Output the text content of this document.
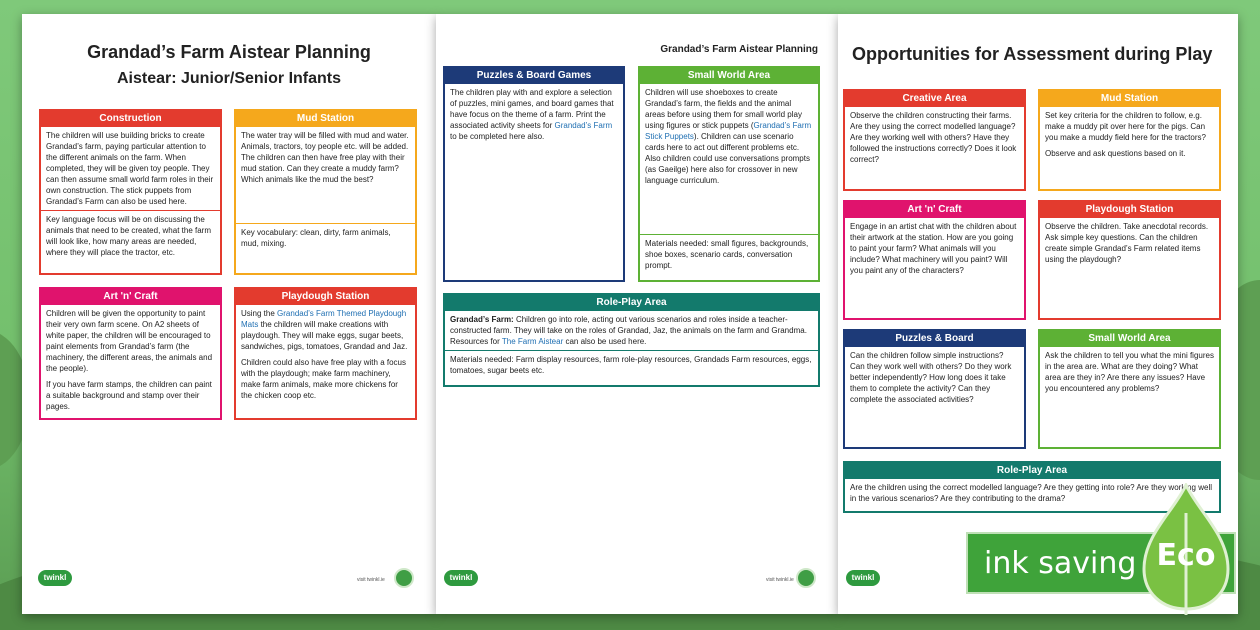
Grandad’s Farm Aistear Planning
Aistear: Junior/Senior Infants
Construction
The children will use building bricks to create Grandad’s farm, paying particular attention to the different animals on the farm. When completed, they will be given toy people. They can then assume small world farm roles in their own construction. The stick puppets from Grandad’s Farm can also be used here.
Key language focus will be on discussing the animals that need to be created, what the farm will look like, how many areas are needed, where they will place the tractor, etc.
Mud Station
The water tray will be filled with mud and water. Animals, tractors, toy people etc. will be added. The children can then have free play with their mud station. Can they create a muddy farm? Which animals like the mud the best?
Key vocabulary: clean, dirty, farm animals, mud, mixing.
Art 'n' Craft

Children will be given the opportunity to paint their very own farm scene. On A2 sheets of white paper, the children will be encouraged to paint elements from Grandad’s farm (the machinery, the different areas, the animals and the people).

If you have farm stamps, the children can paint a suitable background and stamp over their pages.

Playdough Station

Using the Grandad’s Farm Themed Playdough Mats the children will make creations with playdough. They will make eggs, sugar beets, sandwiches, pigs, tomatoes, Grandad and Jaz.

Children could also have free play with a focus with the playdough; make farm machinery, make farm animals, make more chickens for the chicken coop etc.

twinkl	visit twinkl.ie
Grandad’s Farm Aistear Planning
Puzzles & Board Games
The children play with and explore a selection of puzzles, mini games, and board games that have focus on the theme of a farm. Print the associated activity sheets for Grandad’s Farm to be completed here also.
Small World Area
Children will use shoeboxes to create Grandad’s farm, the fields and the animal areas before using them for small world play using figures or stick puppets (Grandad’s Farm Stick Puppets). Children can use scenario cards here to act out different problems etc. Also children could use conversations prompts (as Gaeilge) here also for crossover in new language curriculum.
Materials needed: small figures, backgrounds, shoe boxes, scenario cards, conversation prompt.
Role-Play Area
Grandad’s Farm: Children go into role, acting out various scenarios and roles inside a teacher-constructed farm. They will take on the roles of Grandad, Jaz, the animals on the farm and Grandma. Resources for The Farm Aistear can also be used here.
Materials needed: Farm display resources, farm role-play resources, Grandads Farm resources, eggs, tomatoes, sugar beets etc.
twinkl	visit twinkl.ie
Opportunities for Assessment during Play
Creative Area
Observe the children constructing their farms. Are they using the correct modelled language? Are they working well with others? Have they followed the instructions correctly? Does it look correct?
Mud Station

Set key criteria for the children to follow, e.g. make a muddy pit over here for the pigs. Can you make a muddy field here for the tractors?

Observe and ask questions based on it.

Art 'n' Craft
Engage in an artist chat with the children about their artwork at the station. How are you going to paint your farm? What animals will you include? What machinery will you paint? Will you paint any of the characters?
Playdough Station
Observe the children. Take anecdotal records. Ask simple key questions. Can the children create simple Grandad’s Farm related items using the playdough?
Puzzles & Board
Can the children follow simple instructions? Can they work well with others? Do they work better independently? How long does it take them to complete the activity? Can they complete the associated activities?
Small World Area
Ask the children to tell you what the mini figures in the area are. What are they doing? What area are they in? Are there any issues? Have you encountered any problems?
Role-Play Area
Are the children using the correct modelled language? Are they getting into role? Are they working well in the various scenarios? Are they contributing to the drama?
twinkl	ink saving Eco
